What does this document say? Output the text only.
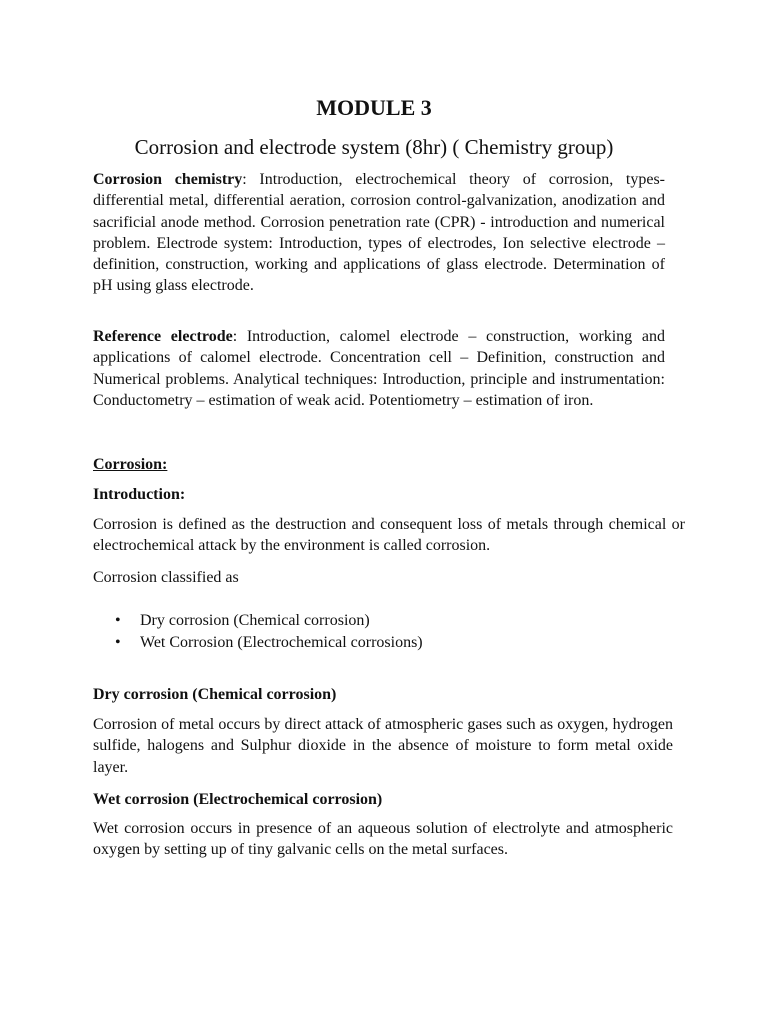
MODULE 3

Corrosion and electrode system (8hr) ( Chemistry group)

Corrosion chemistry: Introduction, electrochemical theory of corrosion, types- differential metal, differential aeration, corrosion control-galvanization, anodization and sacrificial anode method. Corrosion penetration rate (CPR) - introduction and numerical problem. Electrode system: Introduction, types of electrodes, Ion selective electrode – definition, construction, working and applications of glass electrode. Determination of pH using glass electrode.

Reference electrode: Introduction, calomel electrode – construction, working and applications of calomel electrode. Concentration cell – Definition, construction and Numerical problems. Analytical techniques: Introduction, principle and instrumentation: Conductometry – estimation of weak acid. Potentiometry – estimation of iron.

Corrosion:

Introduction:

Corrosion is defined as the destruction and consequent loss of metals through chemical or electrochemical attack by the environment is called corrosion.

Corrosion classified as

• Dry corrosion (Chemical corrosion)
• Wet Corrosion (Electrochemical corrosions)

Dry corrosion (Chemical corrosion)

Corrosion of metal occurs by direct attack of atmospheric gases such as oxygen, hydrogen sulfide, halogens and Sulphur dioxide in the absence of moisture to form metal oxide layer.

Wet corrosion (Electrochemical corrosion)

Wet corrosion occurs in presence of an aqueous solution of electrolyte and atmospheric oxygen by setting up of tiny galvanic cells on the metal surfaces.
